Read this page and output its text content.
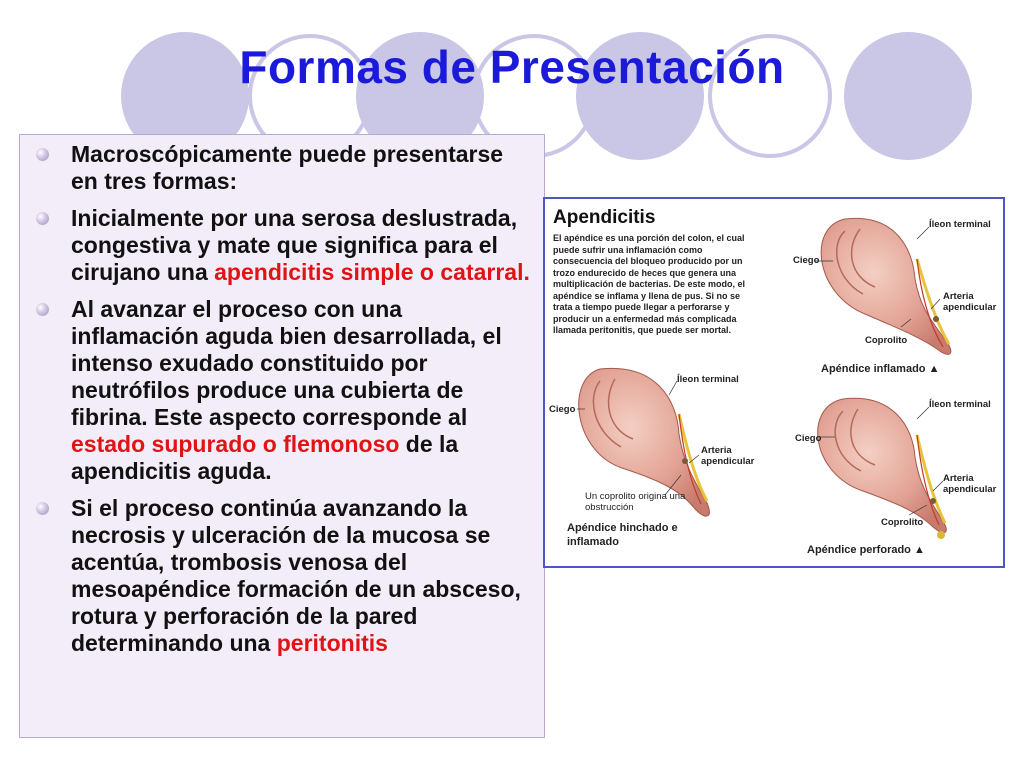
Formas de Presentación
Macroscópicamente puede presentarse en tres formas:
Inicialmente por una serosa deslustrada, congestiva y mate que significa para el cirujano una apendicitis simple o catarral.
Al avanzar el proceso con una inflamación aguda bien desarrollada, el intenso exudado constituido por neutrófilos produce una cubierta de fibrina. Este aspecto corresponde al estado supurado o flemonoso de la apendicitis aguda.
Si el proceso continúa avanzando la necrosis y ulceración de la mucosa se acentúa, trombosis venosa del mesoapéndice formación de un absceso, rotura y perforación de la pared determinando una peritonitis
Apendicitis
El apéndice es una porción del colon, el cual puede sufrir una inflamación como consecuencia del bloqueo producido por un trozo endurecido de heces que genera una multiplicación de bacterias. De este modo, el apéndice se inflama y llena de pus. Si no se trata a tiempo puede llegar a perforarse y producir un a enfermedad más complicada llamada peritonitis, que puede ser mortal.
Íleon terminal
Ciego
Arteria
apendicular
Coprolito
Apéndice inflamado ▲
Íleon terminal
Ciego
Arteria
apendicular
Un coprolito origina una obstrucción
Apéndice hinchado e inflamado
Íleon terminal
Ciego
Arteria
apendicular
Coprolito
Apéndice perforado ▲
